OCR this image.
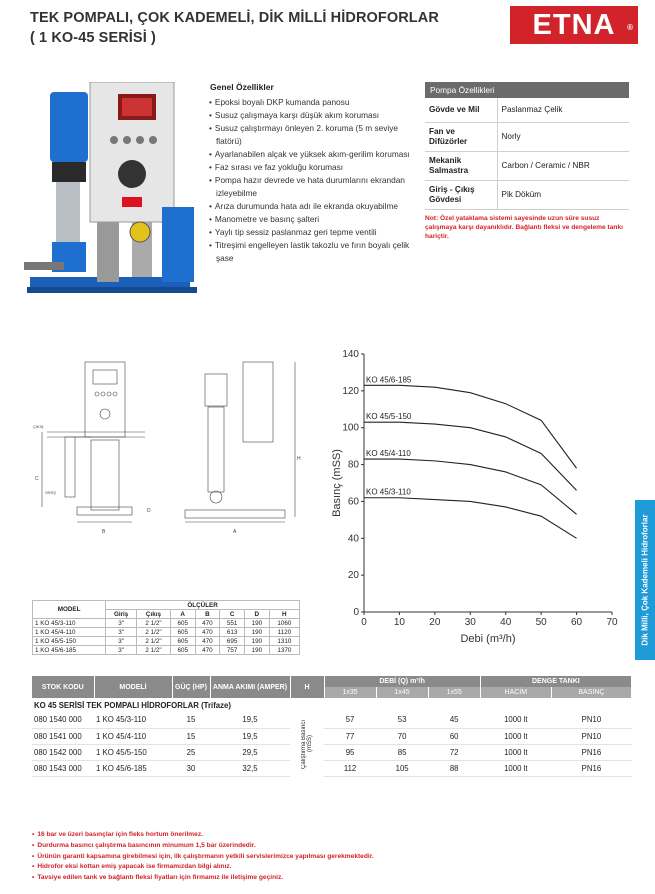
TEK POMPALI, ÇOK KADEMELİ, DİK MİLLİ HİDROFORLAR
( 1 KO-45 SERİSİ )	ETNA ®
Genel Özellikler
• Epoksi boyalı DKP kumanda panosu
• Susuz çalışmaya karşı düşük akım koruması
• Susuz çalıştırmayı önleyen 2. koruma (5 m seviye flatörü)
• Ayarlanabilen alçak ve yüksek akım-gerilim koruması
• Faz sırası ve faz yokluğu koruması
• Pompa hazır devrede ve hata durumlarını ekrandan izleyebilme
• Arıza durumunda hata adı ile ekranda okuyabilme
• Manometre ve basınç şalteri
• Yaylı tip sessiz paslanmaz geri tepme ventili
• Titreşimi engelleyen lastik takozlu ve fırın boyalı çelik şase
Pompa Özellikleri	
Gövde ve Mil	Paslanmaz Çelik
Fan ve Difüzörler	Norly
Mekanik Salmastra	Carbon / Ceramic / NBR
Giriş - Çıkış Gövdesi	Pik Döküm
Not: Özel yataklama sistemi sayesinde uzun süre susuz çalışmaya karşı dayanıklıdır. Bağlantı fleksi ve dengeleme tankı hariçtir.
ÇIKIŞ
GİRİŞ
C
D
B	A
H
0	10 20 30 40 50 60 70
0
20
40
60
80
100
120
140
Debi (m³/h)
Basınç (mSS)
KO 45/6-185
KO 45/5-150
KO 45/4-110
KO 45/3-110
MODEL	ÖLÇÜLER						
	Giriş	Çıkış	A	B	C	D	H
1 KO 45/3-110	3"	2 1/2"	605	470	551	190	1060
1 KO 45/4-110	3"	2 1/2"	605	470	613	190	1120
1 KO 45/5-150	3"	2 1/2"	605	470	695	190	1310
1 KO 45/6-185	3"	2 1/2"	605	470	757	190	1370
STOK KODU	MODELİ	GÜÇ (HP)	ANMA AKIMI (AMPER)	H	DEBİ (Q) m³/h			DENGE TANKI	
					1x35	1x45	1x55	HACİM	BASINÇ
KO 45 SERİSİ TEK POMPALI HİDROFORLAR (Trifaze)									
080 1540 000	1 KO 45/3-110	15	19,5	Çalıştırma Basıncı (mSS)	57	53	45	1000 lt	PN10
080 1541 000	1 KO 45/4-110	15	19,5		77	70	60	1000 lt	PN10
080 1542 000	1 KO 45/5-150	25	29,5		95	85	72	1000 lt	PN16
080 1543 000	1 KO 45/6-185	30	32,5		112	105	88	1000 lt	PN16
• 16 bar ve üzeri basınçlar için fleks hortum önerilmez.
• Durdurma basıncı çalıştırma basıncının minumum 1,5 bar üzerindedir.
• Ürünün garanti kapsamına girebilmesi için, ilk çalıştırmanın yetkili servislerimizce yapılması gerekmektedir.
• Hidrofor eksi kottan emiş yapacak ise firmamızdan bilgi alınız.
• Tavsiye edilen tank ve bağlantı fleksi fiyatları için firmamız ile iletişime geçiniz.
Dik Milli, Çok Kademeli Hidroforlar
